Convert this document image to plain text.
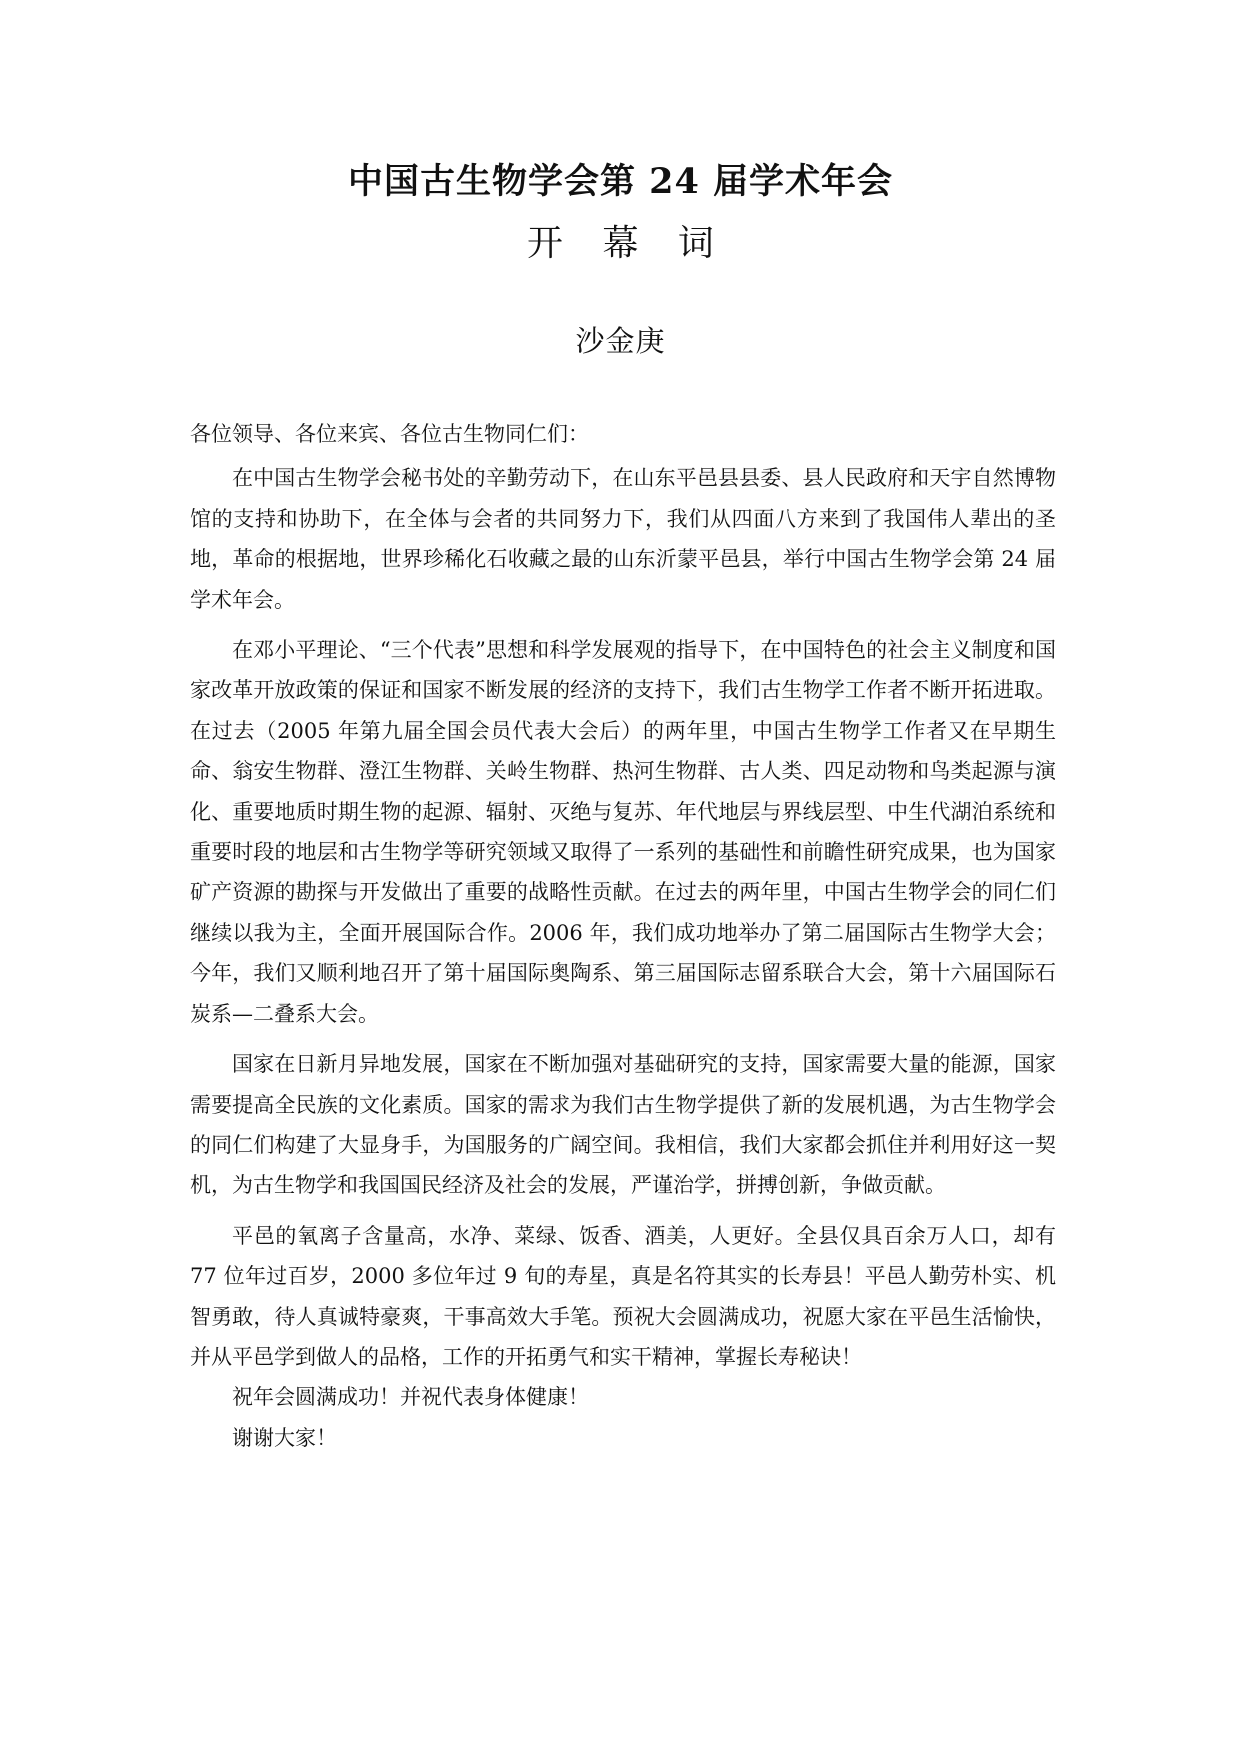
中国古生物学会第 24 届学术年会
开 幕 词
沙金庚

各位领导、各位来宾、各位古生物同仁们：

在中国古生物学会秘书处的辛勤劳动下，在山东平邑县县委、县人民政府和天宇自然博物馆的支持和协助下，在全体与会者的共同努力下，我们从四面八方来到了我国伟人辈出的圣地，革命的根据地，世界珍稀化石收藏之最的山东沂蒙平邑县，举行中国古生物学会第 24 届学术年会。

在邓小平理论、“三个代表”思想和科学发展观的指导下，在中国特色的社会主义制度和国家改革开放政策的保证和国家不断发展的经济的支持下，我们古生物学工作者不断开拓进取。在过去（2005 年第九届全国会员代表大会后）的两年里，中国古生物学工作者又在早期生命、翁安生物群、澄江生物群、关岭生物群、热河生物群、古人类、四足动物和鸟类起源与演化、重要地质时期生物的起源、辐射、灭绝与复苏、年代地层与界线层型、中生代湖泊系统和重要时段的地层和古生物学等研究领域又取得了一系列的基础性和前瞻性研究成果，也为国家矿产资源的勘探与开发做出了重要的战略性贡献。在过去的两年里，中国古生物学会的同仁们继续以我为主，全面开展国际合作。2006 年，我们成功地举办了第二届国际古生物学大会；今年，我们又顺利地召开了第十届国际奥陶系、第三届国际志留系联合大会，第十六届国际石炭系—二叠系大会。

国家在日新月异地发展，国家在不断加强对基础研究的支持，国家需要大量的能源，国家需要提高全民族的文化素质。国家的需求为我们古生物学提供了新的发展机遇，为古生物学会的同仁们构建了大显身手，为国服务的广阔空间。我相信，我们大家都会抓住并利用好这一契机，为古生物学和我国国民经济及社会的发展，严谨治学，拼搏创新，争做贡献。

平邑的氧离子含量高，水净、菜绿、饭香、酒美，人更好。全县仅具百余万人口，却有 77 位年过百岁，2000 多位年过 9 旬的寿星，真是名符其实的长寿县！平邑人勤劳朴实、机智勇敢，待人真诚特豪爽，干事高效大手笔。预祝大会圆满成功，祝愿大家在平邑生活愉快，并从平邑学到做人的品格，工作的开拓勇气和实干精神，掌握长寿秘诀！

祝年会圆满成功！并祝代表身体健康！

谢谢大家！
